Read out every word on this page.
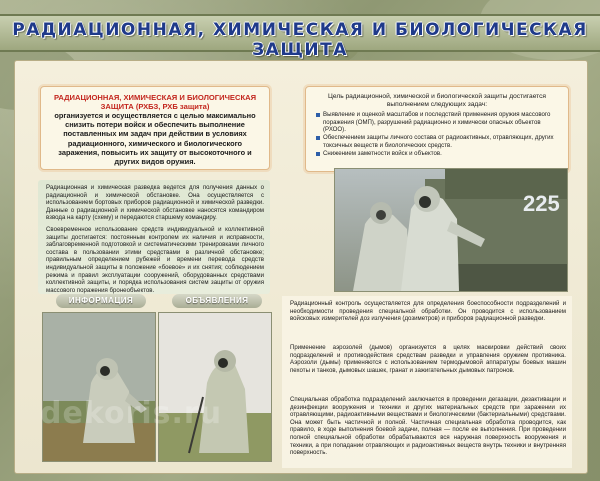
РАДИАЦИОННАЯ, ХИМИЧЕСКАЯ И БИОЛОГИЧЕСКАЯ ЗАЩИТА
РАДИАЦИОННАЯ, ХИМИЧЕСКАЯ И БИОЛОГИЧЕСКАЯ ЗАЩИТА (РХБЗ, РХБ защита)
организуется и осуществляется с целью максимально снизить потери войск и обеспечить выполнение поставленных им задач при действии в условиях радиационного, химического и биологического заражения, повысить их защиту от высокоточного и других видов оружия.
Цель радиационной, химической и биологической защиты достигается выполнением следующих задач:
Выявление и оценкой масштабов и последствий применения оружия массового поражения (ОМП), разрушений радиационно и химически опасных объектов (РХОО).
Обеспечением защиты личного состава от радиоактивных, отравляющих, других токсичных веществ и биологических средств.
Снижением заметности войск и объектов.
Радиационная и химическая разведка ведется для получения данных о радиационной и химической обстановке. Она осуществляется с использованием бортовых приборов радиационной и химической разведки. Данные о радиационной и химической обстановке наносятся командиром взвода на карту (схему) и передаются старшему командиру.
Своевременное использование средств индивидуальной и коллективной защиты достигается: постоянным контролем их наличия и исправности, заблаговременной подготовкой и систематическими тренировками личного состава в пользовании этими средствами в различной обстановке; правильным определением рубежей и времени перевода средств индивидуальной защиты в положение «боевое» и их снятия; соблюдением режима и правил эксплуатации сооружений, оборудованных средствами коллективной защиты, и порядка использования систем защиты от оружия массового поражения бронеобъектов.
ИНФОРМАЦИЯ	ОБЪЯВЛЕНИЯ
225
Радиационный контроль осуществляется для определения боеспособности подразделений и необходимости проведения специальной обработки. Он проводится с использованием войсковых измерителей доз излучения (дозиметров) и приборов радиационной разведки.
Применение аэрозолей (дымов) организуется в целях маскировки действий своих подразделений и противодействия средствам разведки и управления оружием противника. Аэрозоли (дымы) применяются с использованием термодымовой аппаратуры боевых машин пехоты и танков, дымовых шашек, гранат и зажигательных дымовых патронов.
Специальная обработка подразделений заключается в проведении дегазации, дезактивации и дезинфекции вооружения и техники и других материальных средств при заражении их отравляющими, радиоактивными веществами и биологическими (бактериальными) средствами. Она может быть частичной и полной. Частичная специальная обработка проводится, как правило, в ходе выполнения боевой задачи, полная — после ее выполнения. При проведении полной специальной обработки обрабатываются вся наружная поверхность вооружения и техники, а при попадании отравляющих и радиоактивных веществ внутрь техники и внутренняя поверхность.
dekoris.ru
